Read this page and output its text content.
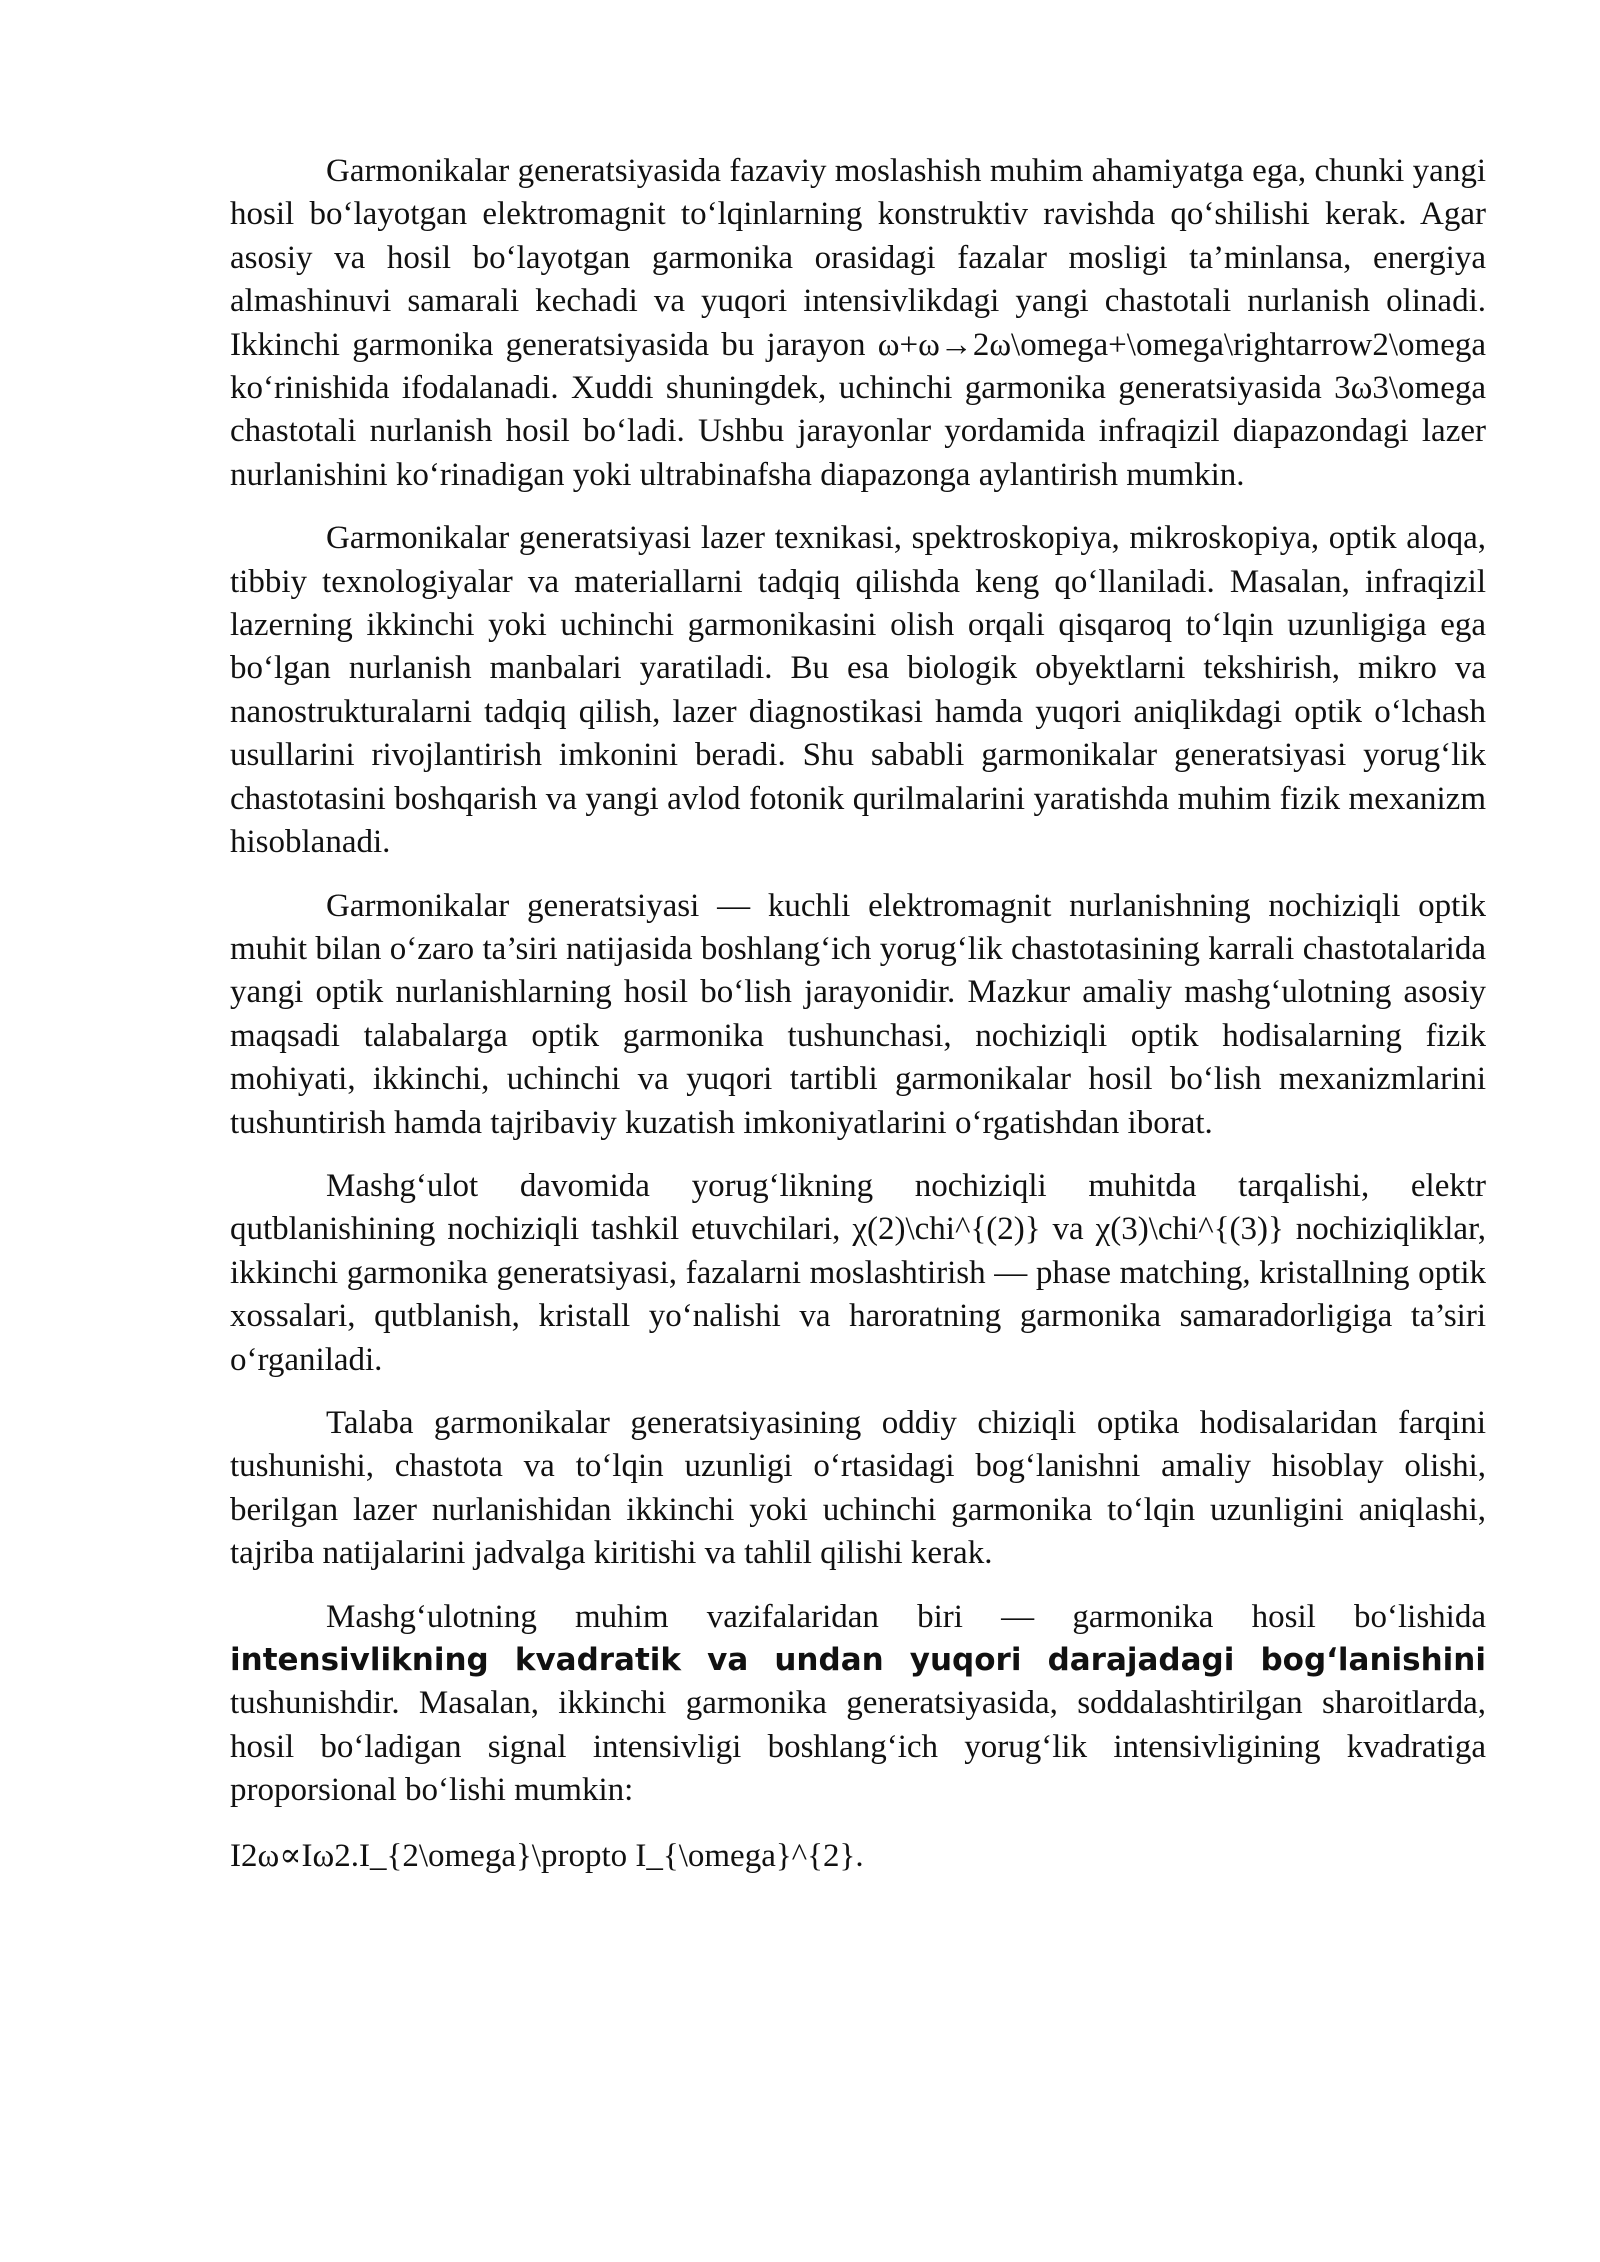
Garmonikalar generatsiyasida fazaviy moslashish muhim ahamiyatga ega, chunki yangi hosil bo‘layotgan elektromagnit to‘lqinlarning konstruktiv ravishda qo‘shilishi kerak. Agar asosiy va hosil bo‘layotgan garmonika orasidagi fazalar mosligi ta’minlansa, energiya almashinuvi samarali kechadi va yuqori intensivlikdagi yangi chastotali nurlanish olinadi. Ikkinchi garmonika generatsiyasida bu jarayon ω+ω→2ω\omega+\omega\rightarrow2\omega ko‘rinishida ifodalanadi. Xuddi shuningdek, uchinchi garmonika generatsiyasida 3ω3\omega chastotali nurlanish hosil bo‘ladi. Ushbu jarayonlar yordamida infraqizil diapazondagi lazer nurlanishini ko‘rinadigan yoki ultrabinafsha diapazonga aylantirish mumkin.

Garmonikalar generatsiyasi lazer texnikasi, spektroskopiya, mikroskopiya, optik aloqa, tibbiy texnologiyalar va materiallarni tadqiq qilishda keng qo‘llaniladi. Masalan, infraqizil lazerning ikkinchi yoki uchinchi garmonikasini olish orqali qisqaroq to‘lqin uzunligiga ega bo‘lgan nurlanish manbalari yaratiladi. Bu esa biologik obyektlarni tekshirish, mikro va nanostrukturalarni tadqiq qilish, lazer diagnostikasi hamda yuqori aniqlikdagi optik o‘lchash usullarini rivojlantirish imkonini beradi. Shu sababli garmonikalar generatsiyasi yorug‘lik chastotasini boshqarish va yangi avlod fotonik qurilmalarini yaratishda muhim fizik mexanizm hisoblanadi.

Garmonikalar generatsiyasi — kuchli elektromagnit nurlanishning nochiziqli optik muhit bilan o‘zaro ta’siri natijasida boshlang‘ich yorug‘lik chastotasining karrali chastotalarida yangi optik nurlanishlarning hosil bo‘lish jarayonidir. Mazkur amaliy mashg‘ulotning asosiy maqsadi talabalarga optik garmonika tushunchasi, nochiziqli optik hodisalarning fizik mohiyati, ikkinchi, uchinchi va yuqori tartibli garmonikalar hosil bo‘lish mexanizmlarini tushuntirish hamda tajribaviy kuzatish imkoniyatlarini o‘rgatishdan iborat.

Mashg‘ulot davomida yorug‘likning nochiziqli muhitda tarqalishi, elektr qutblanishining nochiziqli tashkil etuvchilari, χ(2)\chi^{(2)} va χ(3)\chi^{(3)} nochiziqliklar, ikkinchi garmonika generatsiyasi, fazalarni moslashtirish — phase matching, kristallning optik xossalari, qutblanish, kristall yo‘nalishi va haroratning garmonika samaradorligiga ta’siri o‘rganiladi.

Talaba garmonikalar generatsiyasining oddiy chiziqli optika hodisalaridan farqini tushunishi, chastota va to‘lqin uzunligi o‘rtasidagi bog‘lanishni amaliy hisoblay olishi, berilgan lazer nurlanishidan ikkinchi yoki uchinchi garmonika to‘lqin uzunligini aniqlashi, tajriba natijalarini jadvalga kiritishi va tahlil qilishi kerak.

Mashg‘ulotning muhim vazifalaridan biri — garmonika hosil bo‘lishida intensivlikning kvadratik va undan yuqori darajadagi bog‘lanishini tushunishdir. Masalan, ikkinchi garmonika generatsiyasida, soddalashtirilgan sharoitlarda, hosil bo‘ladigan signal intensivligi boshlang‘ich yorug‘lik intensivligining kvadratiga proporsional bo‘lishi mumkin:

I2ω∝Iω2.I_{2\omega}\propto I_{\omega}^{2}.
